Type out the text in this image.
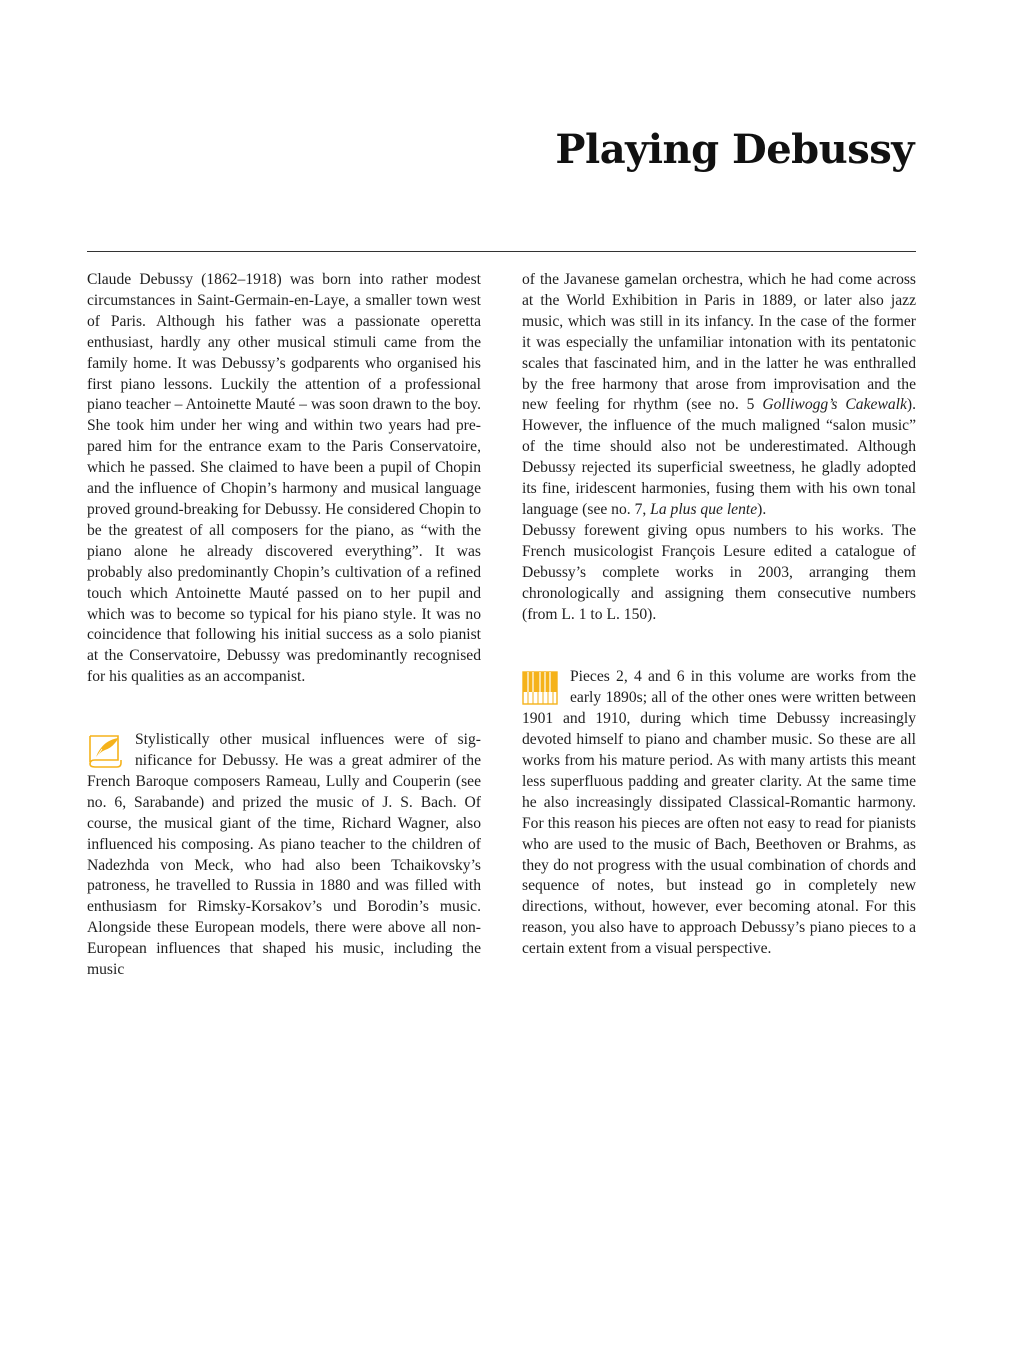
Playing Debussy

Claude Debussy (1862–1918) was born into rather modest circumstances in Saint-Germain-en-Laye, a smaller town west of Paris. Although his father was a passionate operetta enthusiast, hardly any other musical stimuli came from the family home. It was Debussy’s godparents who organised his first piano lessons. Luckily the attention of a professional piano teacher – Antoinette Mauté – was soon drawn to the boy. She took him under her wing and within two years had prepared him for the entrance exam to the Paris Conservatoire, which he passed. She claimed to have been a pupil of Chopin and the influence of Chopin’s harmony and musical language proved ground-breaking for Debussy. He considered Chopin to be the greatest of all composers for the piano, as “with the piano alone he already discovered everything”. It was probably also predominantly Chopin’s cultivation of a refined touch which Antoinette Mauté passed on to her pupil and which was to become so typical for his piano style. It was no coincidence that following his initial success as a solo pianist at the Conservatoire, Debussy was predominantly recognised for his qualities as an accompanist.

Stylistically other musical influences were of significance for Debussy. He was a great admirer of the French Baroque composers Rameau, Lully and Couperin (see no. 6, Sarabande) and prized the music of J. S. Bach. Of course, the musical giant of the time, Richard Wagner, also influenced his composing. As piano teacher to the children of Nadezhda von Meck, who had also been Tchaikovsky’s patroness, he travelled to Russia in 1880 and was filled with enthusiasm for Rimsky-Korsakov’s und Borodin’s music. Alongside these European models, there were above all non-European influences that shaped his music, including the music

of the Javanese gamelan orchestra, which he had come across at the World Exhibition in Paris in 1889, or later also jazz music, which was still in its infancy. In the case of the former it was especially the unfamiliar intonation with its pentatonic scales that fascinated him, and in the latter he was enthralled by the free harmony that arose from improvisation and the new feeling for rhythm (see no. 5 Golliwogg’s Cakewalk). However, the influence of the much maligned “salon music” of the time should also not be underestimated. Although Debussy rejected its superficial sweetness, he gladly adopted its fine, iridescent harmonies, fusing them with his own tonal language (see no. 7, La plus que lente).

Debussy forewent giving opus numbers to his works. The French musicologist François Lesure edited a catalogue of Debussy’s complete works in 2003, arranging them chronologically and assigning them consecutive numbers (from L. 1 to L. 150).

Pieces 2, 4 and 6 in this volume are works from the early 1890s; all of the other ones were written between 1901 and 1910, during which time Debussy increasingly devoted himself to piano and chamber music. So these are all works from his mature period. As with many artists this meant less superfluous padding and greater clarity. At the same time he also increasingly dissipated Classical-Romantic harmony. For this reason his pieces are often not easy to read for pianists who are used to the music of Bach, Beethoven or Brahms, as they do not progress with the usual combination of chords and sequence of notes, but instead go in completely new directions, without, however, ever becoming atonal. For this reason, you also have to approach Debussy’s piano pieces to a certain extent from a visual perspective.
